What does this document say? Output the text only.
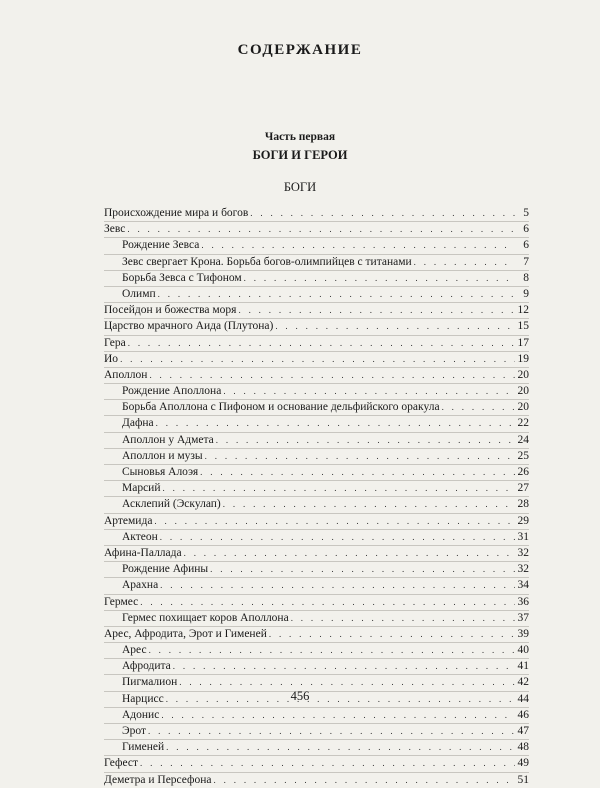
СОДЕРЖАНИЕ
Часть первая
БОГИ И ГЕРОИ
БОГИ
Происхождение мира и богов . . .	5
Зевс . . .	6
Рождение Зевса . . .	6
Зевс свергает Крона. Борьба богов-олимпийцев с титанами . . .	7
Борьба Зевса с Тифоном . . .	8
Олимп . . .	9
Посейдон и божества моря . . .	12
Царство мрачного Аида (Плутона) . . .	15
Гера . . .	17
Ио . . .	19
Аполлон . . .	20
Рождение Аполлона . . .	20
Борьба Аполлона с Пифоном и основание дельфийского оракула . . .	20
Дафна . . .	22
Аполлон у Адмета . . .	24
Аполлон и музы . . .	25
Сыновья Алоэя . . .	26
Марсий . . .	27
Асклепий (Эскулап) . . .	28
Артемида . . .	29
Актеон . . .	31
Афина-Паллада . . .	32
Рождение Афины . . .	32
Арахна . . .	34
Гермес . . .	36
Гермес похищает коров Аполлона . . .	37
Арес, Афродита, Эрот и Гименей . . .	39
Арес . . .	40
Афродита . . .	41
Пигмалион . . .	42
Нарцисс . . .	44
Адонис . . .	46
Эрот . . .	47
Гименей . . .	48
Гефест . . .	49
Деметра и Персефона . . .	51
456
